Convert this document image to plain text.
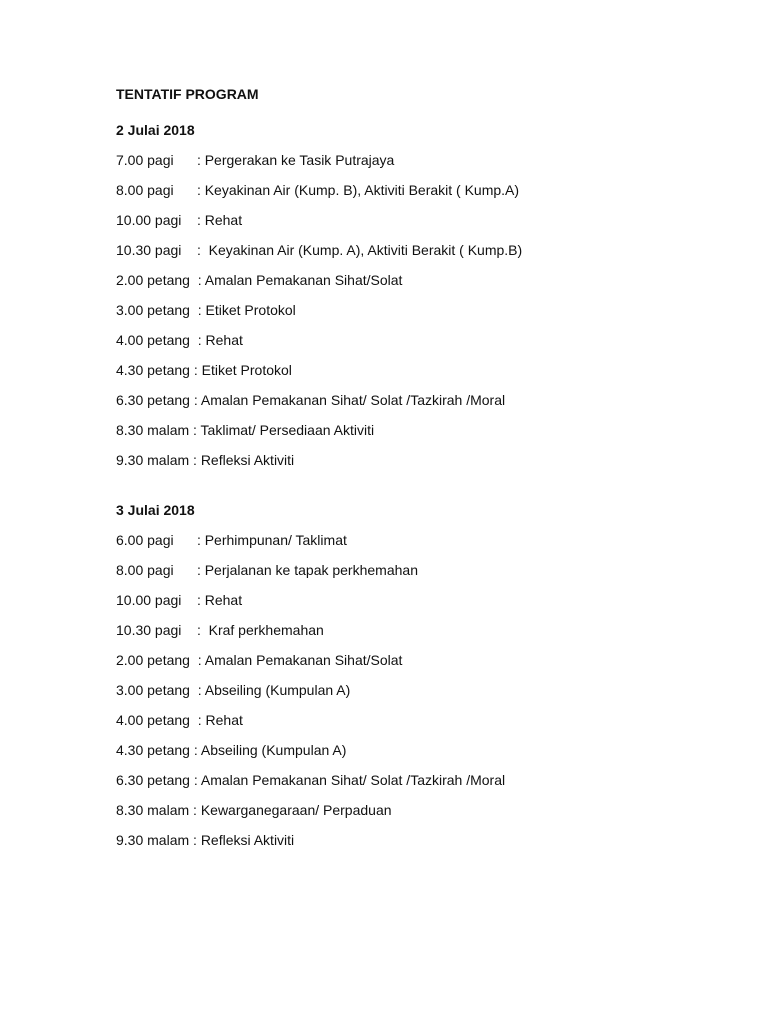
TENTATIF PROGRAM
2 Julai 2018
7.00 pagi      : Pergerakan ke Tasik Putrajaya
8.00 pagi      : Keyakinan Air (Kump. B), Aktiviti Berakit ( Kump.A)
10.00 pagi    : Rehat
10.30 pagi    :  Keyakinan Air (Kump. A), Aktiviti Berakit ( Kump.B)
2.00 petang  : Amalan Pemakanan Sihat/Solat
3.00 petang  : Etiket Protokol
4.00 petang  : Rehat
4.30 petang : Etiket Protokol
6.30 petang : Amalan Pemakanan Sihat/ Solat /Tazkirah /Moral
8.30 malam : Taklimat/ Persediaan Aktiviti
9.30 malam : Refleksi Aktiviti
3 Julai 2018
6.00 pagi      : Perhimpunan/ Taklimat
8.00 pagi      : Perjalanan ke tapak perkhemahan
10.00 pagi    : Rehat
10.30 pagi    :  Kraf perkhemahan
2.00 petang  : Amalan Pemakanan Sihat/Solat
3.00 petang  : Abseiling (Kumpulan A)
4.00 petang  : Rehat
4.30 petang : Abseiling (Kumpulan A)
6.30 petang : Amalan Pemakanan Sihat/ Solat /Tazkirah /Moral
8.30 malam : Kewarganegaraan/ Perpaduan
9.30 malam : Refleksi Aktiviti
